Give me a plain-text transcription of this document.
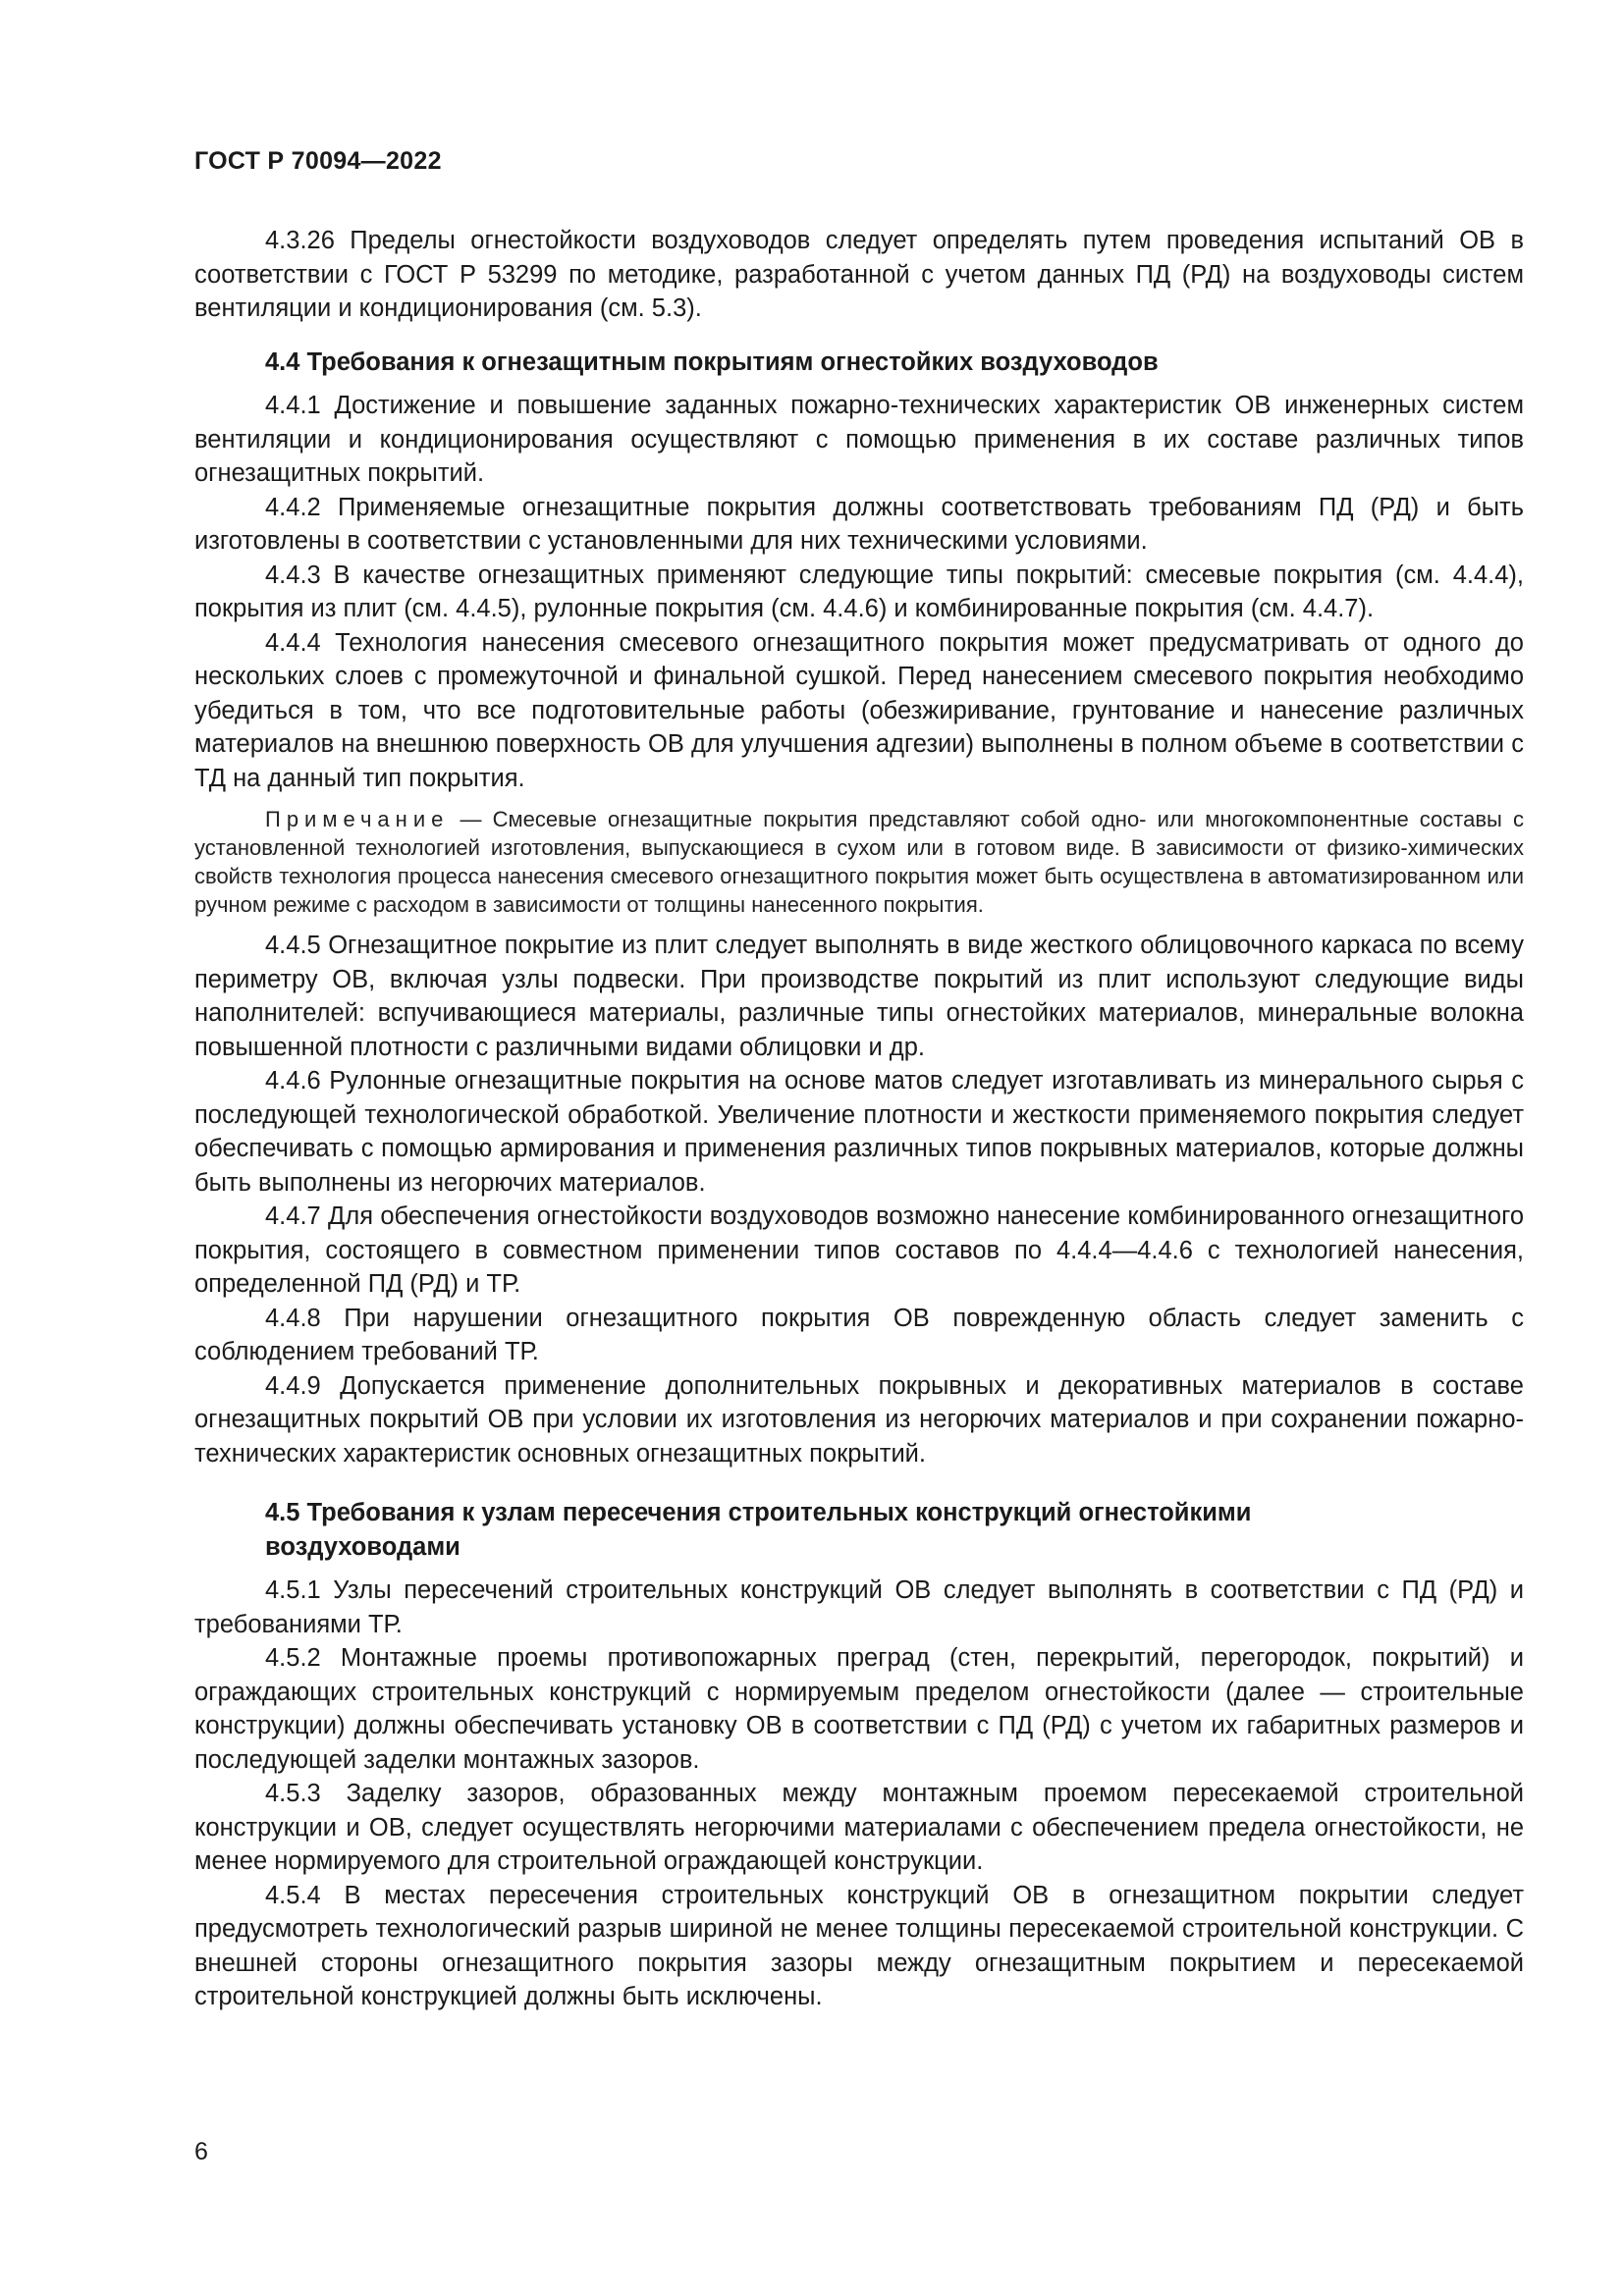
ГОСТ Р 70094—2022

4.3.26 Пределы огнестойкости воздуховодов следует определять путем проведения испытаний ОВ в соответствии с ГОСТ Р 53299 по методике, разработанной с учетом данных ПД (РД) на воздуховоды систем вентиляции и кондиционирования (см. 5.3).

4.4 Требования к огнезащитным покрытиям огнестойких воздуховодов

4.4.1 Достижение и повышение заданных пожарно-технических характеристик ОВ инженерных систем вентиляции и кондиционирования осуществляют с помощью применения в их составе различных типов огнезащитных покрытий.

4.4.2 Применяемые огнезащитные покрытия должны соответствовать требованиям ПД (РД) и быть изготовлены в соответствии с установленными для них техническими условиями.

4.4.3 В качестве огнезащитных применяют следующие типы покрытий: смесевые покрытия (см. 4.4.4), покрытия из плит (см. 4.4.5), рулонные покрытия (см. 4.4.6) и комбинированные покрытия (см. 4.4.7).

4.4.4 Технология нанесения смесевого огнезащитного покрытия может предусматривать от одного до нескольких слоев с промежуточной и финальной сушкой. Перед нанесением смесевого покрытия необходимо убедиться в том, что все подготовительные работы (обезжиривание, грунтование и нанесение различных материалов на внешнюю поверхность ОВ для улучшения адгезии) выполнены в полном объеме в соответствии с ТД на данный тип покрытия.

Примечание — Смесевые огнезащитные покрытия представляют собой одно- или многокомпонентные составы с установленной технологией изготовления, выпускающиеся в сухом или в готовом виде. В зависимости от физико-химических свойств технология процесса нанесения смесевого огнезащитного покрытия может быть осуществлена в автоматизированном или ручном режиме с расходом в зависимости от толщины нанесенного покрытия.

4.4.5 Огнезащитное покрытие из плит следует выполнять в виде жесткого облицовочного каркаса по всему периметру ОВ, включая узлы подвески. При производстве покрытий из плит используют следующие виды наполнителей: вспучивающиеся материалы, различные типы огнестойких материалов, минеральные волокна повышенной плотности с различными видами облицовки и др.

4.4.6 Рулонные огнезащитные покрытия на основе матов следует изготавливать из минерального сырья с последующей технологической обработкой. Увеличение плотности и жесткости применяемого покрытия следует обеспечивать с помощью армирования и применения различных типов покрывных материалов, которые должны быть выполнены из негорючих материалов.

4.4.7 Для обеспечения огнестойкости воздуховодов возможно нанесение комбинированного огнезащитного покрытия, состоящего в совместном применении типов составов по 4.4.4—4.4.6 с технологией нанесения, определенной ПД (РД) и ТР.

4.4.8 При нарушении огнезащитного покрытия ОВ поврежденную область следует заменить с соблюдением требований ТР.

4.4.9 Допускается применение дополнительных покрывных и декоративных материалов в составе огнезащитных покрытий ОВ при условии их изготовления из негорючих материалов и при сохранении пожарно-технических характеристик основных огнезащитных покрытий.

4.5 Требования к узлам пересечения строительных конструкций огнестойкими воздуховодами

4.5.1 Узлы пересечений строительных конструкций ОВ следует выполнять в соответствии с ПД (РД) и требованиями ТР.

4.5.2 Монтажные проемы противопожарных преград (стен, перекрытий, перегородок, покрытий) и ограждающих строительных конструкций с нормируемым пределом огнестойкости (далее — строительные конструкции) должны обеспечивать установку ОВ в соответствии с ПД (РД) с учетом их габаритных размеров и последующей заделки монтажных зазоров.

4.5.3 Заделку зазоров, образованных между монтажным проемом пересекаемой строительной конструкции и ОВ, следует осуществлять негорючими материалами с обеспечением предела огнестойкости, не менее нормируемого для строительной ограждающей конструкции.

4.5.4 В местах пересечения строительных конструкций ОВ в огнезащитном покрытии следует предусмотреть технологический разрыв шириной не менее толщины пересекаемой строительной конструкции. С внешней стороны огнезащитного покрытия зазоры между огнезащитным покрытием и пересекаемой строительной конструкцией должны быть исключены.

6
